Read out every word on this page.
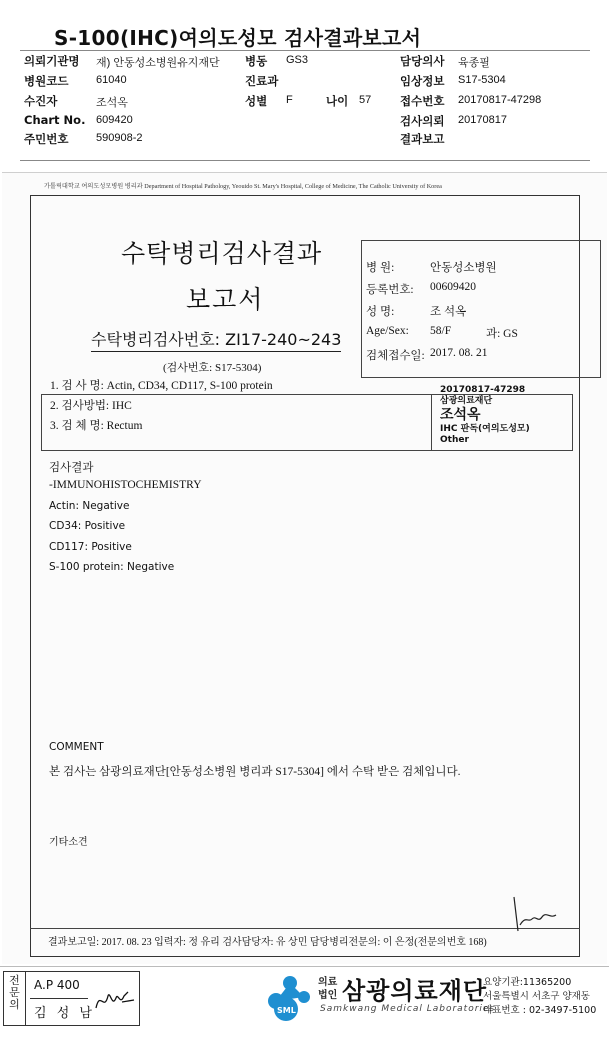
S-100(IHC)여의도성모 검사결과보고서
의뢰기관명 재) 안동성소병원유지재단 병동 GS3	담당의사 육종필
병원코드	61040	진료과	임상정보 S17-5304
수진자	조석옥	성별 F	나이 57	접수번호 20170817-47298
Chart No. 609420	검사의뢰 20170817
주민번호	590908-2	결과보고
가톨릭대학교 여의도성모병원 병리과 Department of Hospital Pathology, Yeouido St. Mary's Hospital, College of Medicine, The Catholic University of Korea
수탁병리검사결과
보고서
수탁병리검사번호: ZI17-240~243
(검사번호: S17-5304)
병 원:	안동성소병원
등록번호: 00609420
성 명:	조 석옥
Age/Sex: 58/F	과: GS
검체접수일: 2017. 08. 21
1. 검 사 명: Actin, CD34, CD117, S-100 protein
2. 검사방법: IHC
3. 검 체 명: Rectum
20170817-47298
삼광의료재단
조석옥
IHC 판독(여의도성모)
Other
검사결과
-IMMUNOHISTOCHEMISTRY
Actin: Negative
CD34: Positive
CD117: Positive
S-100 protein: Negative
COMMENT
본 검사는 삼광의료재단[안동성소병원 병리과 S17-5304] 에서 수탁 받은 검체입니다.
기타소견
결과보고일: 2017. 08. 23 입력자: 정 유리 검사담당자: 유 상민 담당병리전문의: 이 은정(전문의번호 168)
전문의
A.P 400
김 성 남	SML
의료
법인 삼광의료재단
Samkwang Medical Laboratories
요양기관:11365200
서울특별시 서초구 양재동
대표번호 : 02-3497-5100
